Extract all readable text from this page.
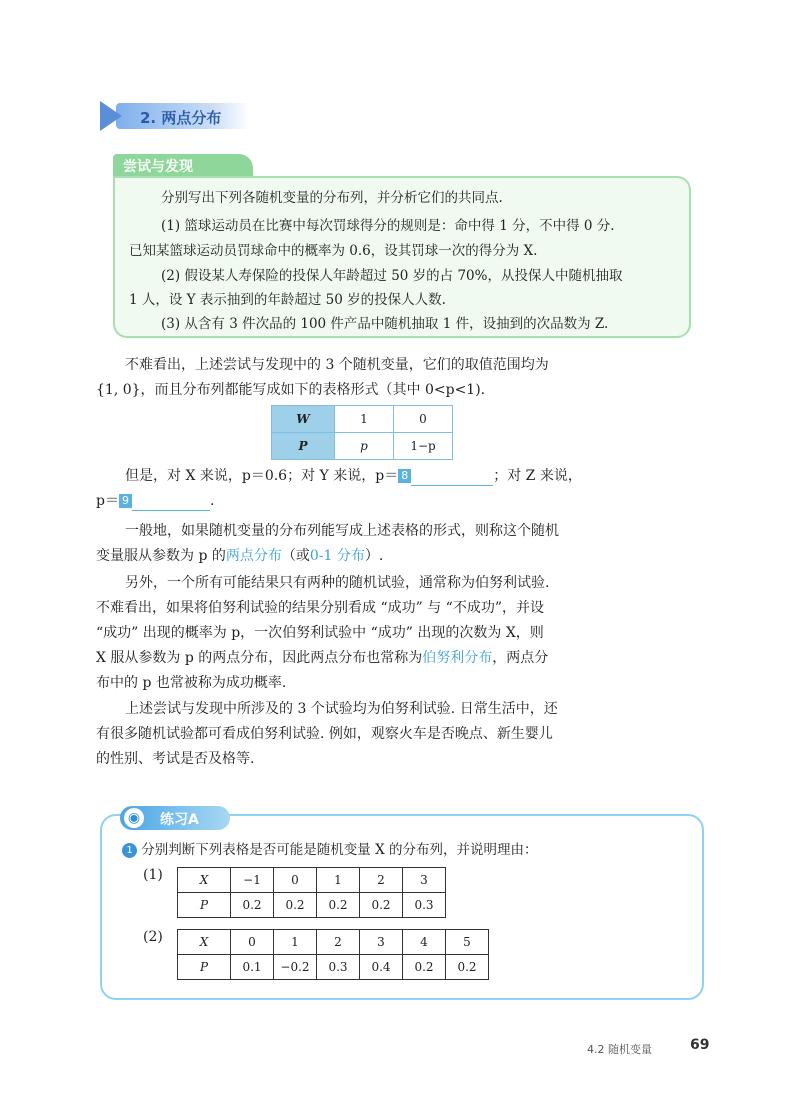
2. 两点分布
尝试与发现
分别写出下列各随机变量的分布列，并分析它们的共同点.
(1) 篮球运动员在比赛中每次罚球得分的规则是：命中得 1 分，不中得 0 分.
已知某篮球运动员罚球命中的概率为 0.6，设其罚球一次的得分为 X.
(2) 假设某人寿保险的投保人年龄超过 50 岁的占 70%，从投保人中随机抽取
1 人，设 Y 表示抽到的年龄超过 50 岁的投保人人数.
(3) 从含有 3 件次品的 100 件产品中随机抽取 1 件，设抽到的次品数为 Z.
不难看出，上述尝试与发现中的 3 个随机变量，它们的取值范围均为
{1, 0}，而且分布列都能写成如下的表格形式（其中 0<p<1).
W	1	0
P	p	1−p
但是，对 X 来说，p＝0.6；对 Y 来说，p＝ 8	；对 Z 来说，
p＝ 9	.
一般地，如果随机变量的分布列能写成上述表格的形式，则称这个随机
变量服从参数为 p 的两点分布（或0-1 分布）.
另外，一个所有可能结果只有两种的随机试验，通常称为伯努利试验.
不难看出，如果将伯努利试验的结果分别看成 “成功” 与 “不成功”，并设
“成功” 出现的概率为 p，一次伯努利试验中 “成功” 出现的次数为 X，则
X 服从参数为 p 的两点分布，因此两点分布也常称为伯努利分布，两点分
布中的 p 也常被称为成功概率.
上述尝试与发现中所涉及的 3 个试验均为伯努利试验. 日常生活中，还
有很多随机试验都可看成伯努利试验. 例如，观察火车是否晚点、新生婴儿
的性别、考试是否及格等.
◉ 练习A
1 分别判断下列表格是否可能是随机变量 X 的分布列，并说明理由：
(1)	X	−1	0	1	2	3
P	0.2	0.2	0.2	0.2	0.3
(2)	X	0	1	2	3	4	5
P	0.1	−0.2	0.3	0.4	0.2	0.2
4.2 随机变量	69
